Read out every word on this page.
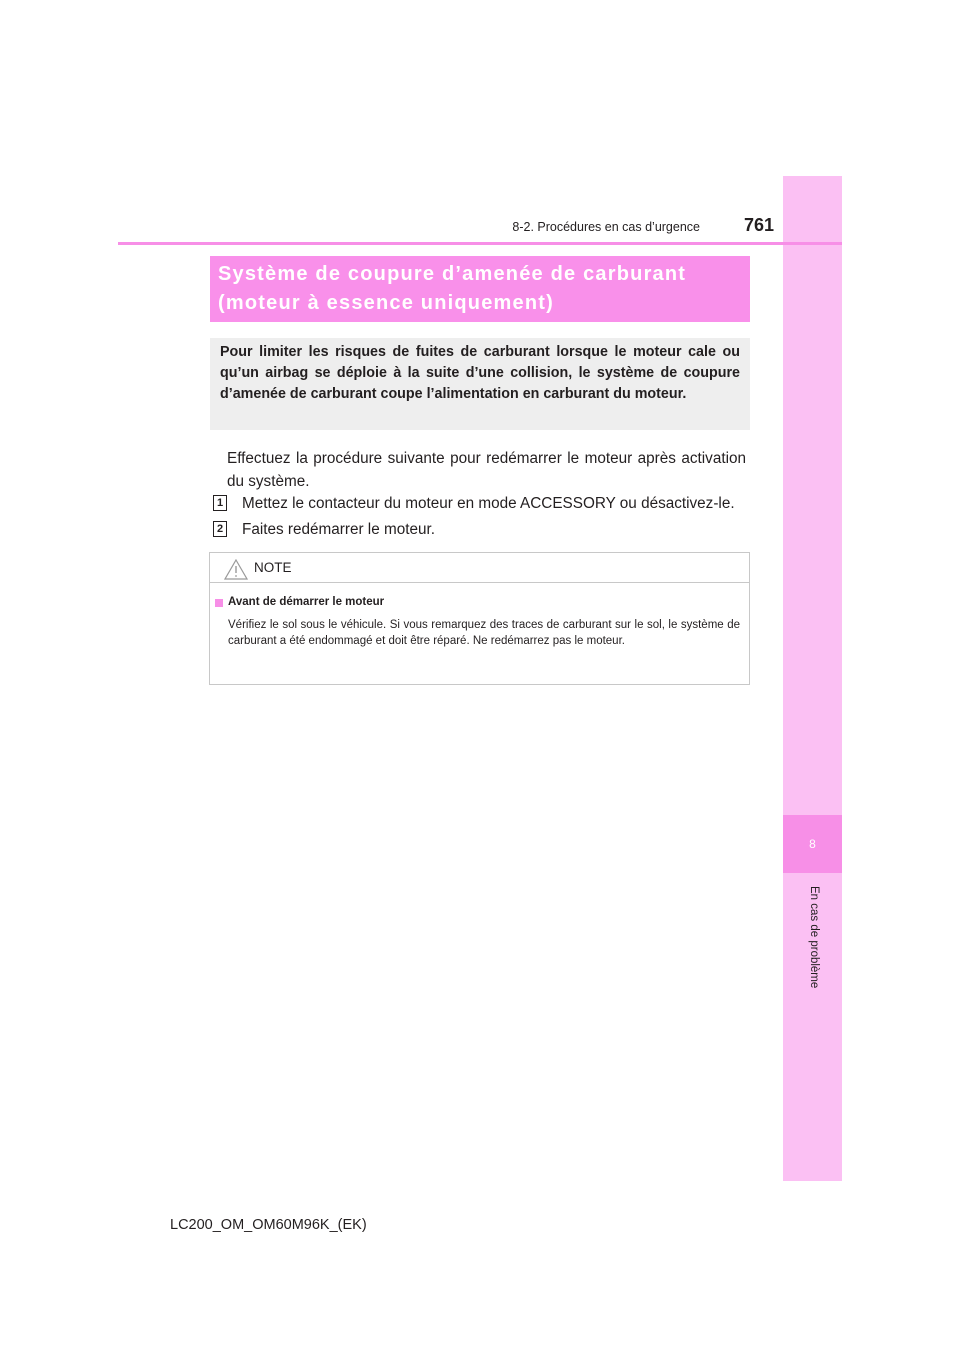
8
En cas de problème
8-2. Procédures en cas d’urgence	761
Système de coupure d’amenée de carburant
(moteur à essence uniquement)
Pour limiter les risques de fuites de carburant lorsque le moteur cale ou qu’un airbag se déploie à la suite d’une collision, le système de coupure d’amenée de carburant coupe l’alimentation en carburant du moteur.
Effectuez la procédure suivante pour redémarrer le moteur après activation du système.
1 Mettez le contacteur du moteur en mode ACCESSORY ou désactivez-le.
2 Faites redémarrer le moteur.
NOTE
Avant de démarrer le moteur
Vérifiez le sol sous le véhicule. Si vous remarquez des traces de carburant sur le sol, le système de carburant a été endommagé et doit être réparé. Ne redémarrez pas le moteur.
LC200_OM_OM60M96K_(EK)
